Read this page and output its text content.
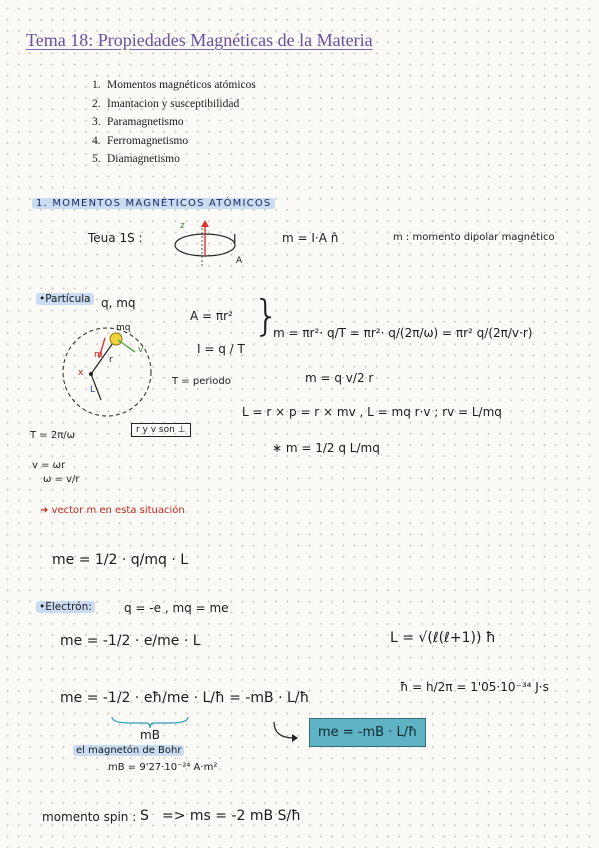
Tema 18: Propiedades Magnéticas de la Materia
1. Momentos magnéticos atómicos
2. Imantacion y susceptibilidad
3. Paramagnetismo
4. Ferromagnetismo
5. Diamagnetismo
1. MOMENTOS MAGNÉTICOS ATÓMICOS
Teua 1S :
z
I
A
m = I·A n̂	m : momento dipolar magnético
•Partícula q, mq
mq
m	v
r
x
L
A = πr²
I = q / T
}
T = periodo
m = πr²· q/T = πr²· q/(2π/ω) = πr² q/(2π/v·r)
m = q v/2 r
L = r × p = r × mv , L = mq r·v ; rv = L/mq
∗ m = 1/2 q L/mq
T = 2π/ω	r y v son ⊥
v = ωr
ω = v/r
➜ vector m en esta situación
me = 1/2 · q/mq · L
•Electrón:	q = -e , mq = me
me = -1/2 · e/me · L	L = √(ℓ(ℓ+1)) ħ
me = -1/2 · eħ/me · L/ħ = -mB · L/ħ
ħ = h/2π = 1'05·10⁻³⁴ J·s
mB
el magnetón de Bohr
mB = 9'27·10⁻²⁴ A·m²
me = -mB · L/ħ
momento spin : S => ms = -2 mB S/ħ
